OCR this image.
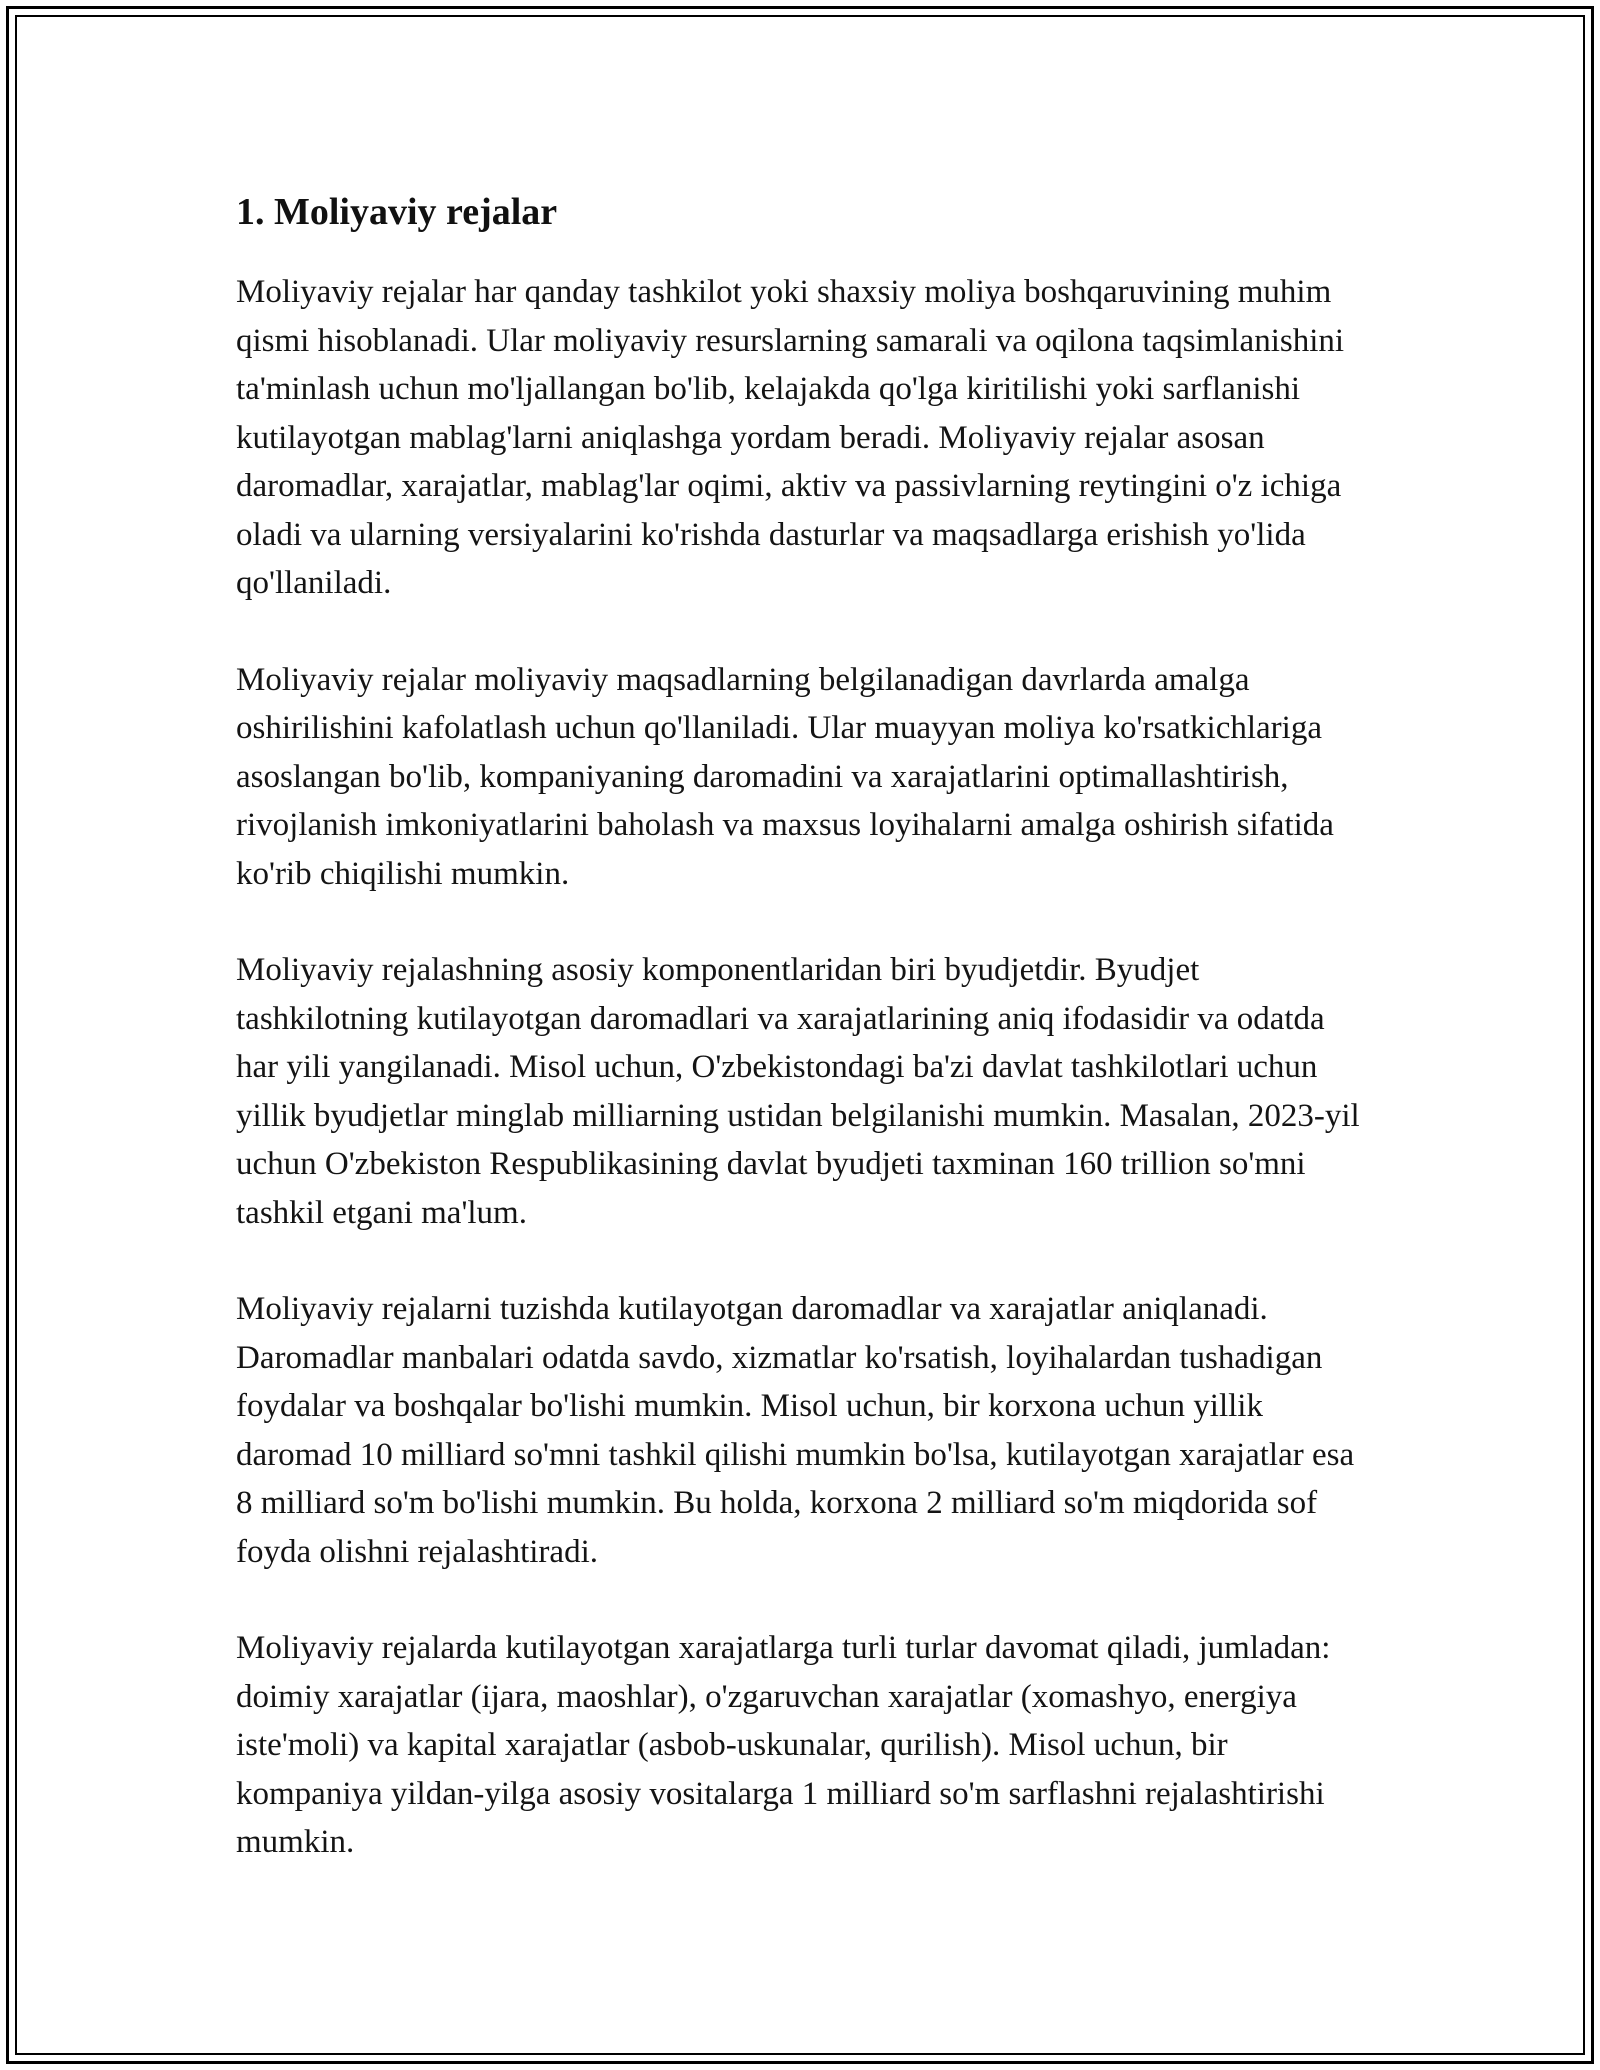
1. Moliyaviy rejalar

Moliyaviy rejalar har qanday tashkilot yoki shaxsiy moliya boshqaruvining muhim qismi hisoblanadi. Ular moliyaviy resurslarning samarali va oqilona taqsimlanishini ta'minlash uchun mo'ljallangan bo'lib, kelajakda qo'lga kiritilishi yoki sarflanishi kutilayotgan mablag'larni aniqlashga yordam beradi. Moliyaviy rejalar asosan daromadlar, xarajatlar, mablag'lar oqimi, aktiv va passivlarning reytingini o'z ichiga oladi va ularning versiyalarini ko'rishda dasturlar va maqsadlarga erishish yo'lida qo'llaniladi.

Moliyaviy rejalar moliyaviy maqsadlarning belgilanadigan davrlarda amalga oshirilishini kafolatlash uchun qo'llaniladi. Ular muayyan moliya ko'rsatkichlariga asoslangan bo'lib, kompaniyaning daromadini va xarajatlarini optimallashtirish, rivojlanish imkoniyatlarini baholash va maxsus loyihalarni amalga oshirish sifatida ko'rib chiqilishi mumkin.

Moliyaviy rejalashning asosiy komponentlaridan biri byudjetdir. Byudjet tashkilotning kutilayotgan daromadlari va xarajatlarining aniq ifodasidir va odatda har yili yangilanadi. Misol uchun, O'zbekistondagi ba'zi davlat tashkilotlari uchun yillik byudjetlar minglab milliarning ustidan belgilanishi mumkin. Masalan, 2023-yil uchun O'zbekiston Respublikasining davlat byudjeti taxminan 160 trillion so'mni tashkil etgani ma'lum.

Moliyaviy rejalarni tuzishda kutilayotgan daromadlar va xarajatlar aniqlanadi. Daromadlar manbalari odatda savdo, xizmatlar ko'rsatish, loyihalardan tushadigan foydalar va boshqalar bo'lishi mumkin. Misol uchun, bir korxona uchun yillik daromad 10 milliard so'mni tashkil qilishi mumkin bo'lsa, kutilayotgan xarajatlar esa 8 milliard so'm bo'lishi mumkin. Bu holda, korxona 2 milliard so'm miqdorida sof foyda olishni rejalashtiradi.

Moliyaviy rejalarda kutilayotgan xarajatlarga turli turlar davomat qiladi, jumladan: doimiy xarajatlar (ijara, maoshlar), o'zgaruvchan xarajatlar (xomashyo, energiya iste'moli) va kapital xarajatlar (asbob-uskunalar, qurilish). Misol uchun, bir kompaniya yildan-yilga asosiy vositalarga 1 milliard so'm sarflashni rejalashtirishi mumkin.
